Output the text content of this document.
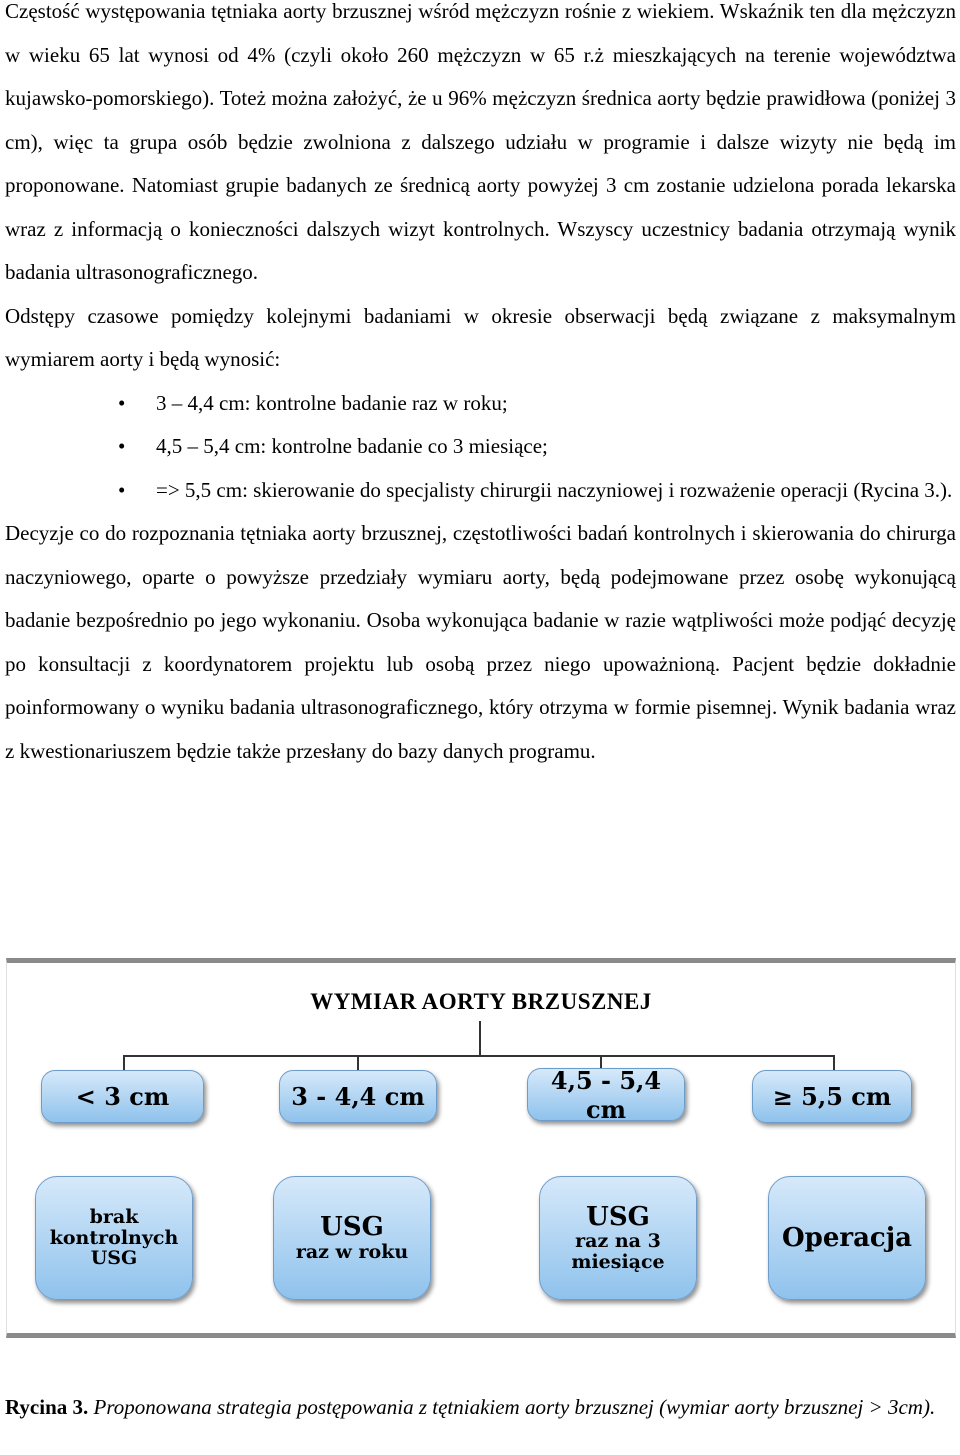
Częstość występowania tętniaka aorty brzusznej wśród mężczyzn rośnie z wiekiem. Wskaźnik ten dla mężczyzn w wieku 65 lat wynosi od 4% (czyli około 260 mężczyzn w 65 r.ż mieszkających na terenie województwa kujawsko-pomorskiego). Toteż można założyć, że u 96% mężczyzn średnica aorty będzie prawidłowa (poniżej 3 cm), więc ta grupa osób będzie zwolniona z dalszego udziału w programie i dalsze wizyty nie będą im proponowane. Natomiast grupie badanych ze średnicą aorty powyżej 3 cm zostanie udzielona porada lekarska wraz z informacją o konieczności dalszych wizyt kontrolnych. Wszyscy uczestnicy badania otrzymają wynik badania ultrasonograficznego.

Odstępy czasowe pomiędzy kolejnymi badaniami w okresie obserwacji będą związane z maksymalnym wymiarem aorty i będą wynosić:

• 3 – 4,4 cm: kontrolne badanie raz w roku;
• 4,5 – 5,4 cm: kontrolne badanie co 3 miesiące;
• => 5,5 cm: skierowanie do specjalisty chirurgii naczyniowej i rozważenie operacji (Rycina 3.).

Decyzje co do rozpoznania tętniaka aorty brzusznej, częstotliwości badań kontrolnych i skierowania do chirurga naczyniowego, oparte o powyższe przedziały wymiaru aorty, będą podejmowane przez osobę wykonującą badanie bezpośrednio po jego wykonaniu. Osoba wykonująca badanie w razie wątpliwości może podjąć decyzję po konsultacji z koordynatorem projektu lub osobą przez niego upoważnioną. Pacjent będzie dokładnie poinformowany o wyniku badania ultrasonograficznego, który otrzyma w formie pisemnej. Wynik badania wraz z kwestionariuszem będzie także przesłany do bazy danych programu.

WYMIAR AORTY BRZUSZNEJ
< 3 cm	3 - 4,4 cm
4,5 - 5,4 cm	≥ 5,5 cm
brak
kontrolnych
USG
USG
raz w roku
USG
raz na 3
miesiące
Operacja
Rycina 3. Proponowana strategia postępowania z tętniakiem aorty brzusznej (wymiar aorty brzusznej > 3cm).
